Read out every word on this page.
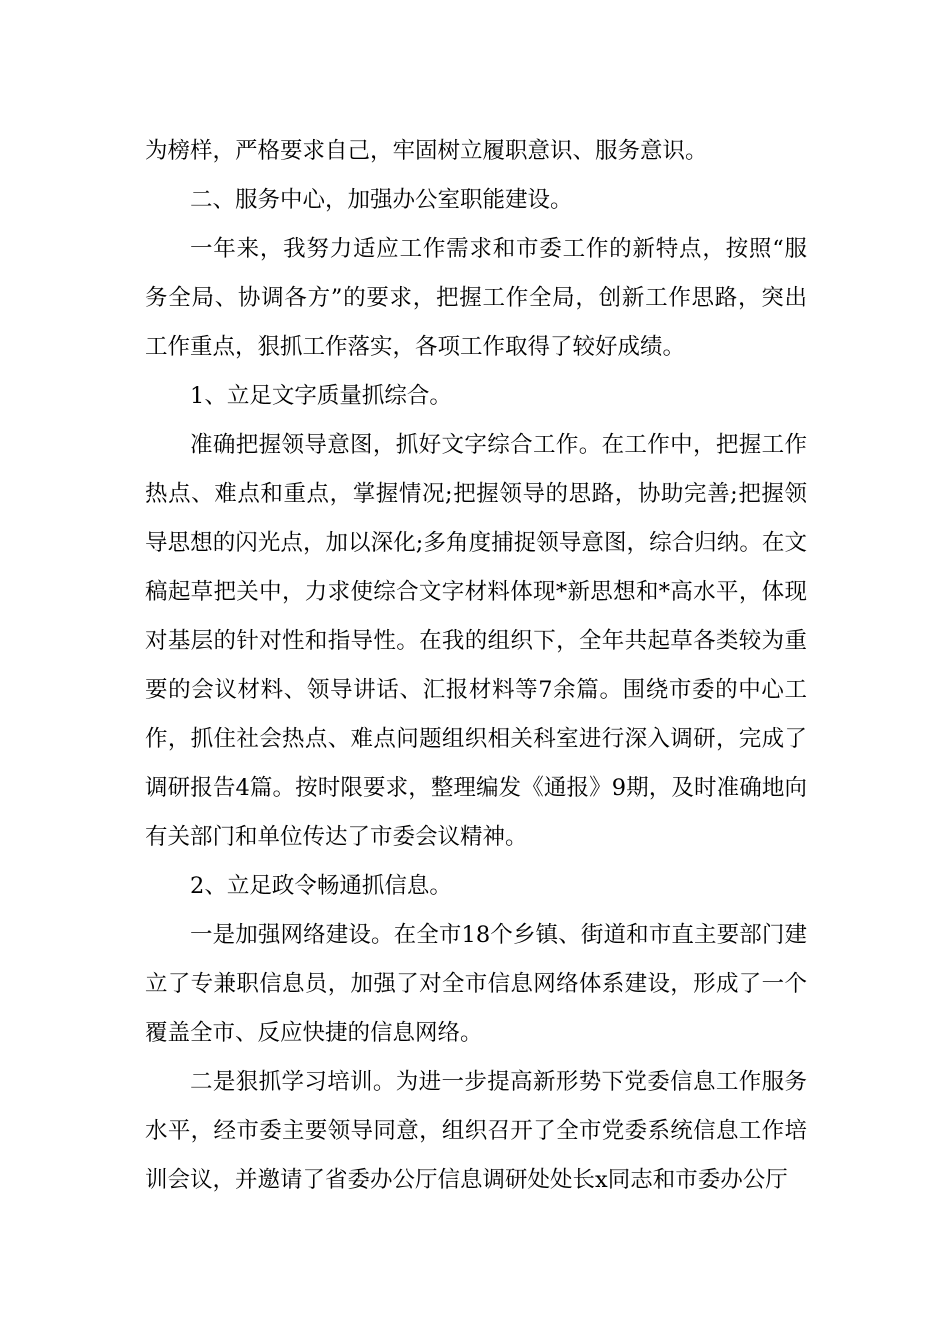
为榜样，严格要求自己，牢固树立履职意识、服务意识。

二、服务中心，加强办公室职能建设。

一年来，我努力适应工作需求和市委工作的新特点，按照“服务全局、协调各方”的要求，把握工作全局，创新工作思路，突出工作重点，狠抓工作落实，各项工作取得了较好成绩。

1、立足文字质量抓综合。

准确把握领导意图，抓好文字综合工作。在工作中，把握工作热点、难点和重点，掌握情况;把握领导的思路，协助完善;把握领导思想的闪光点，加以深化;多角度捕捉领导意图，综合归纳。在文稿起草把关中，力求使综合文字材料体现*新思想和*高水平，体现对基层的针对性和指导性。在我的组织下，全年共起草各类较为重要的会议材料、领导讲话、汇报材料等7余篇。围绕市委的中心工作，抓住社会热点、难点问题组织相关科室进行深入调研，完成了调研报告4篇。按时限要求，整理编发《通报》9期，及时准确地向有关部门和单位传达了市委会议精神。

2、立足政令畅通抓信息。

一是加强网络建设。在全市18个乡镇、街道和市直主要部门建立了专兼职信息员，加强了对全市信息网络体系建设，形成了一个覆盖全市、反应快捷的信息网络。

二是狠抓学习培训。为进一步提高新形势下党委信息工作服务水平，经市委主要领导同意，组织召开了全市党委系统信息工作培训会议，并邀请了省委办公厅信息调研处处长x同志和市委办公厅
